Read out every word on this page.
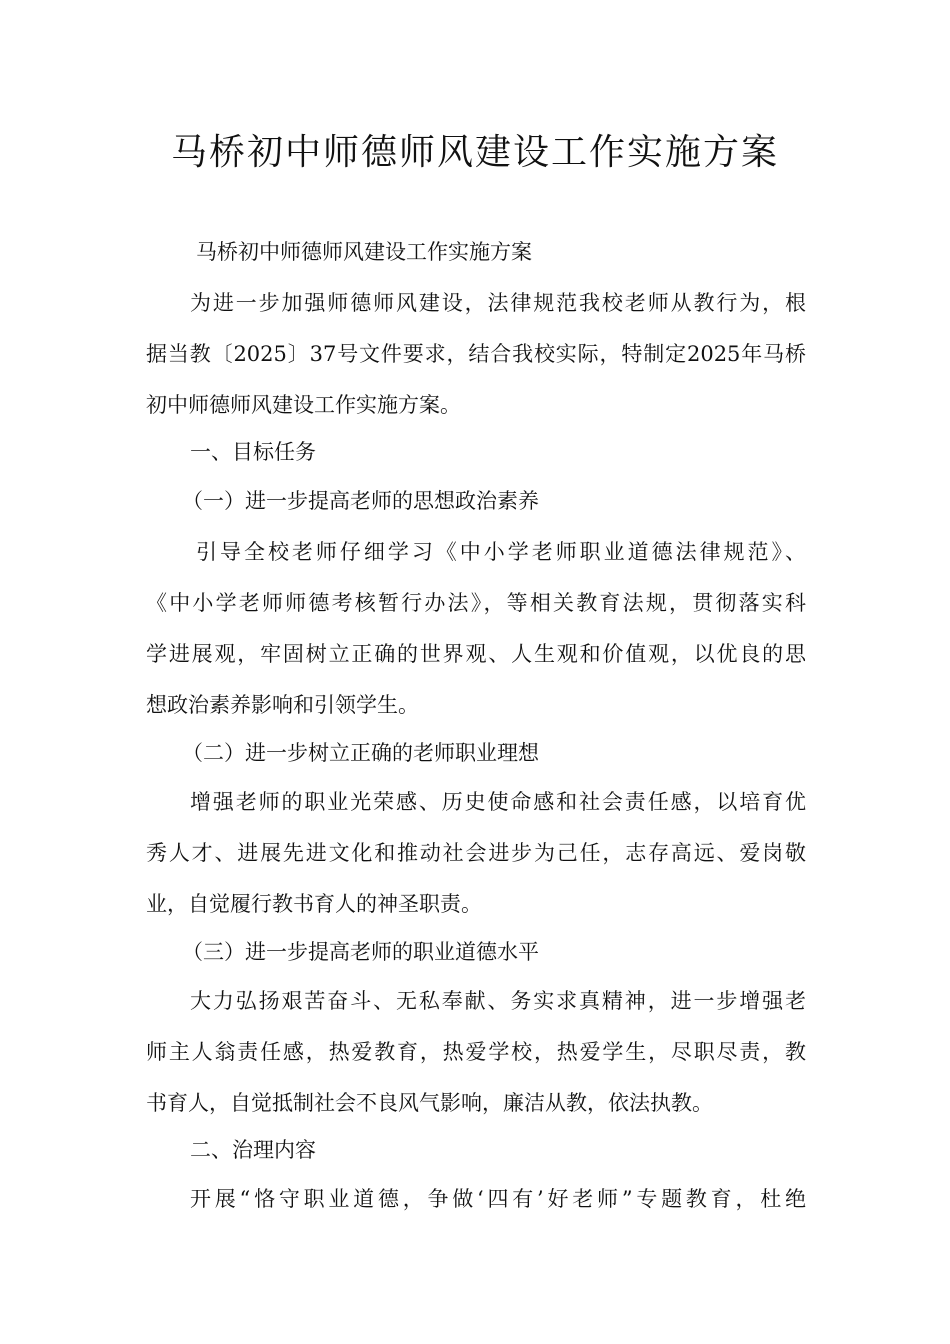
马桥初中师德师风建设工作实施方案

马桥初中师德师风建设工作实施方案

为进一步加强师德师风建设，法律规范我校老师从教行为，根

据当教〔2025〕37号文件要求，结合我校实际，特制定2025年马桥

初中师德师风建设工作实施方案。

一、目标任务

（一）进一步提高老师的思想政治素养

引导全校老师仔细学习《中小学老师职业道德法律规范》、

《中小学老师师德考核暂行办法》，等相关教育法规，贯彻落实科

学进展观，牢固树立正确的世界观、人生观和价值观，以优良的思

想政治素养影响和引领学生。

（二）进一步树立正确的老师职业理想

增强老师的职业光荣感、历史使命感和社会责任感，以培育优

秀人才、进展先进文化和推动社会进步为己任，志存高远、爱岗敬

业，自觉履行教书育人的神圣职责。

（三）进一步提高老师的职业道德水平

大力弘扬艰苦奋斗、无私奉献、务实求真精神，进一步增强老

师主人翁责任感，热爱教育，热爱学校，热爱学生，尽职尽责，教

书育人，自觉抵制社会不良风气影响，廉洁从教，依法执教。

二、治理内容

开展“恪守职业道德，争做‘四有’好老师”专题教育，杜绝
